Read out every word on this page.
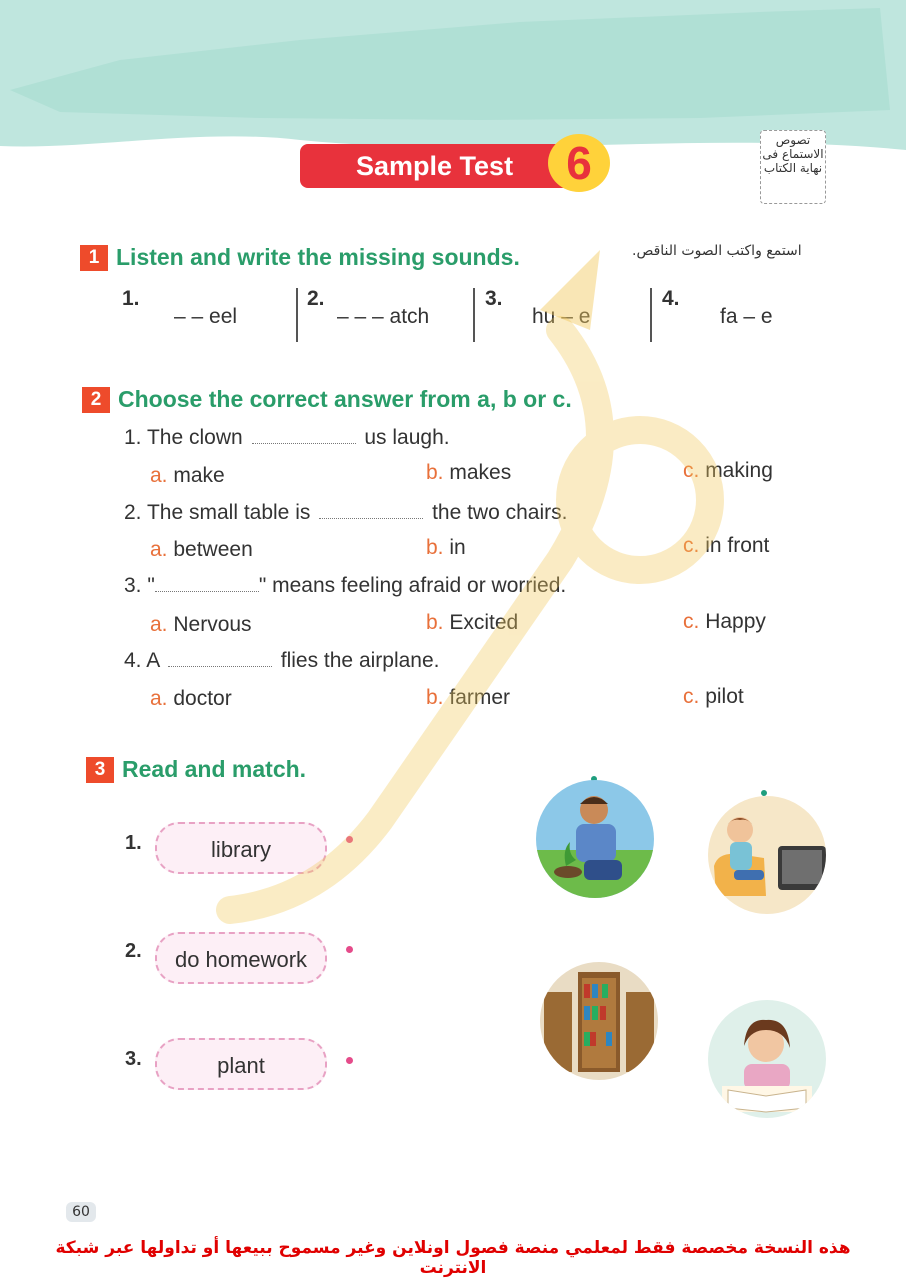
Sample Test	6	تصوص الاستماع فى نهاية الكتاب
1 Listen and write the missing sounds.	استمع واكتب الصوت الناقص.
1.
– – eel
2.
– – – atch
3.
hu – e
4.
fa – e
2 Choose the correct answer from a, b or c.
1. The clown	us laugh.
a. make	b. makes	c. making
2. The small table is	the two chairs.
a. between	b. in	c. in front
3. "	" means feeling afraid or worried.
a. Nervous	b. Excited	c. Happy
4. A	flies the airplane.
a. doctor	b. farmer	c. pilot
3 Read and match.
1.	library
2.	do homework
3.	plant
60
هذه النسخة مخصصة فقط لمعلمي منصة فصول اونلاين وغير مسموح ببيعها أو تداولها عبر شبكة الانترنت
